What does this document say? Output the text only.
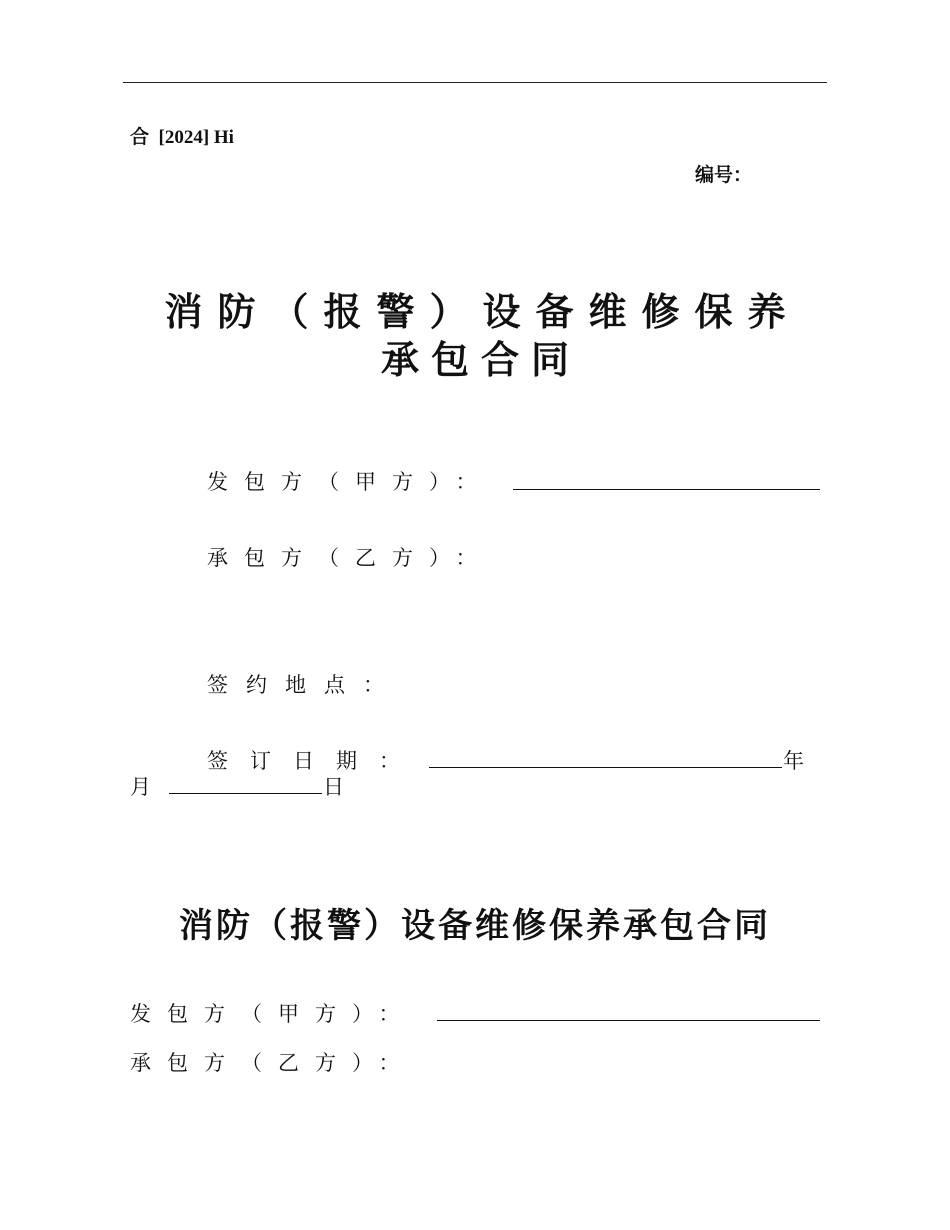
合  [2024] Hi
编号：
消防（报警）设备维修保养
承包合同
发包方（甲方）：
承包方（乙方）：
签约地点：
签订日期：	年
月	日
消防（报警）设备维修保养承包合同
发包方（甲方）：
承包方（乙方）：
